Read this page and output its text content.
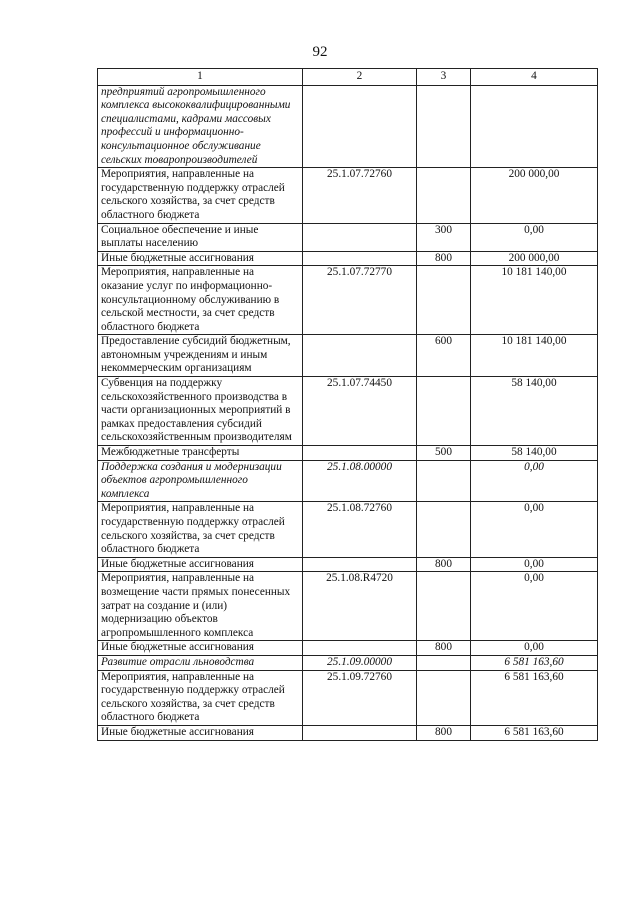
92
1	2	3	4
предприятий агропромышленного комплекса высококвалифицированными специалистами, кадрами массовых профессий и информационно-консультационное обслуживание сельских товаропроизводителей			
Мероприятия, направленные на государственную поддержку отраслей сельского хозяйства, за счет средств областного бюджета	25.1.07.72760		200 000,00
Социальное обеспечение и иные выплаты населению		300	0,00
Иные бюджетные ассигнования		800	200 000,00
Мероприятия, направленные на оказание услуг по информационно-консультационному обслуживанию в сельской местности, за счет средств областного бюджета	25.1.07.72770		10 181 140,00
Предоставление субсидий бюджетным, автономным учреждениям и иным некоммерческим организациям		600	10 181 140,00
Субвенция на поддержку сельскохозяйственного производства в части организационных мероприятий в рамках предоставления субсидий сельскохозяйственным производителям	25.1.07.74450		58 140,00
Межбюджетные трансферты		500	58 140,00
Поддержка создания и модернизации объектов агропромышленного комплекса	25.1.08.00000		0,00
Мероприятия, направленные на государственную поддержку отраслей сельского хозяйства, за счет средств областного бюджета	25.1.08.72760		0,00
Иные бюджетные ассигнования		800	0,00
Мероприятия, направленные на возмещение части прямых понесенных затрат на создание и (или) модернизацию объектов агропромышленного комплекса	25.1.08.R4720		0,00
Иные бюджетные ассигнования		800	0,00
Развитие отрасли льноводства	25.1.09.00000		6 581 163,60
Мероприятия, направленные на государственную поддержку отраслей сельского хозяйства, за счет средств областного бюджета	25.1.09.72760		6 581 163,60
Иные бюджетные ассигнования		800	6 581 163,60
